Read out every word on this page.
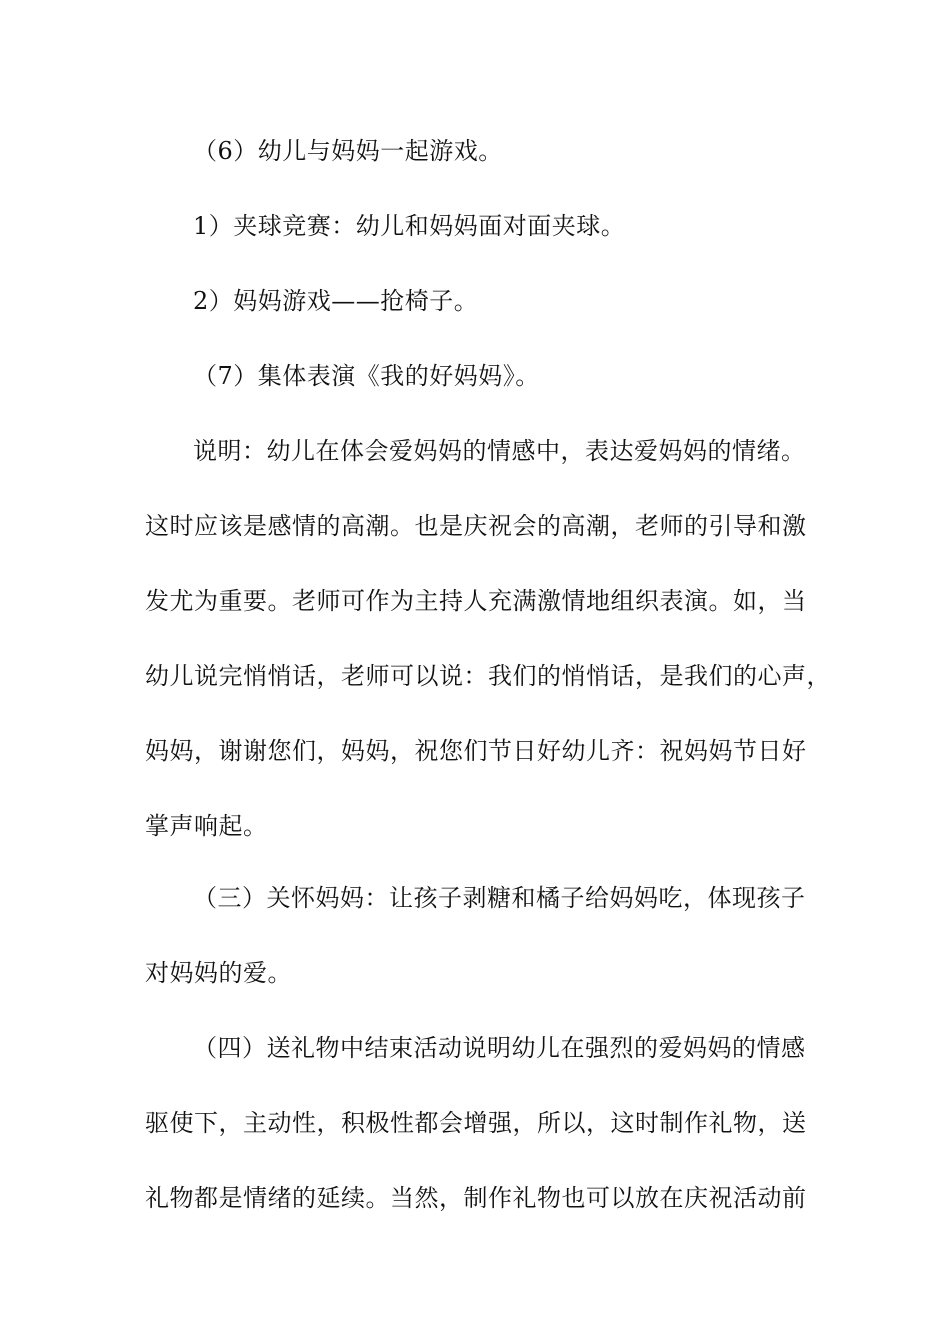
（6）幼儿与妈妈一起游戏。
1）夹球竞赛：幼儿和妈妈面对面夹球。
2）妈妈游戏——抢椅子。
（7）集体表演《我的好妈妈》。
说明：幼儿在体会爱妈妈的情感中，表达爱妈妈的情绪。
这时应该是感情的高潮。也是庆祝会的高潮，老师的引导和激
发尤为重要。老师可作为主持人充满激情地组织表演。如，当
幼儿说完悄悄话，老师可以说：我们的悄悄话，是我们的心声，
妈妈，谢谢您们，妈妈，祝您们节日好幼儿齐：祝妈妈节日好
掌声响起。
（三）关怀妈妈：让孩子剥糖和橘子给妈妈吃，体现孩子
对妈妈的爱。
（四）送礼物中结束活动说明幼儿在强烈的爱妈妈的情感
驱使下，主动性，积极性都会增强，所以，这时制作礼物，送
礼物都是情绪的延续。当然，制作礼物也可以放在庆祝活动前
